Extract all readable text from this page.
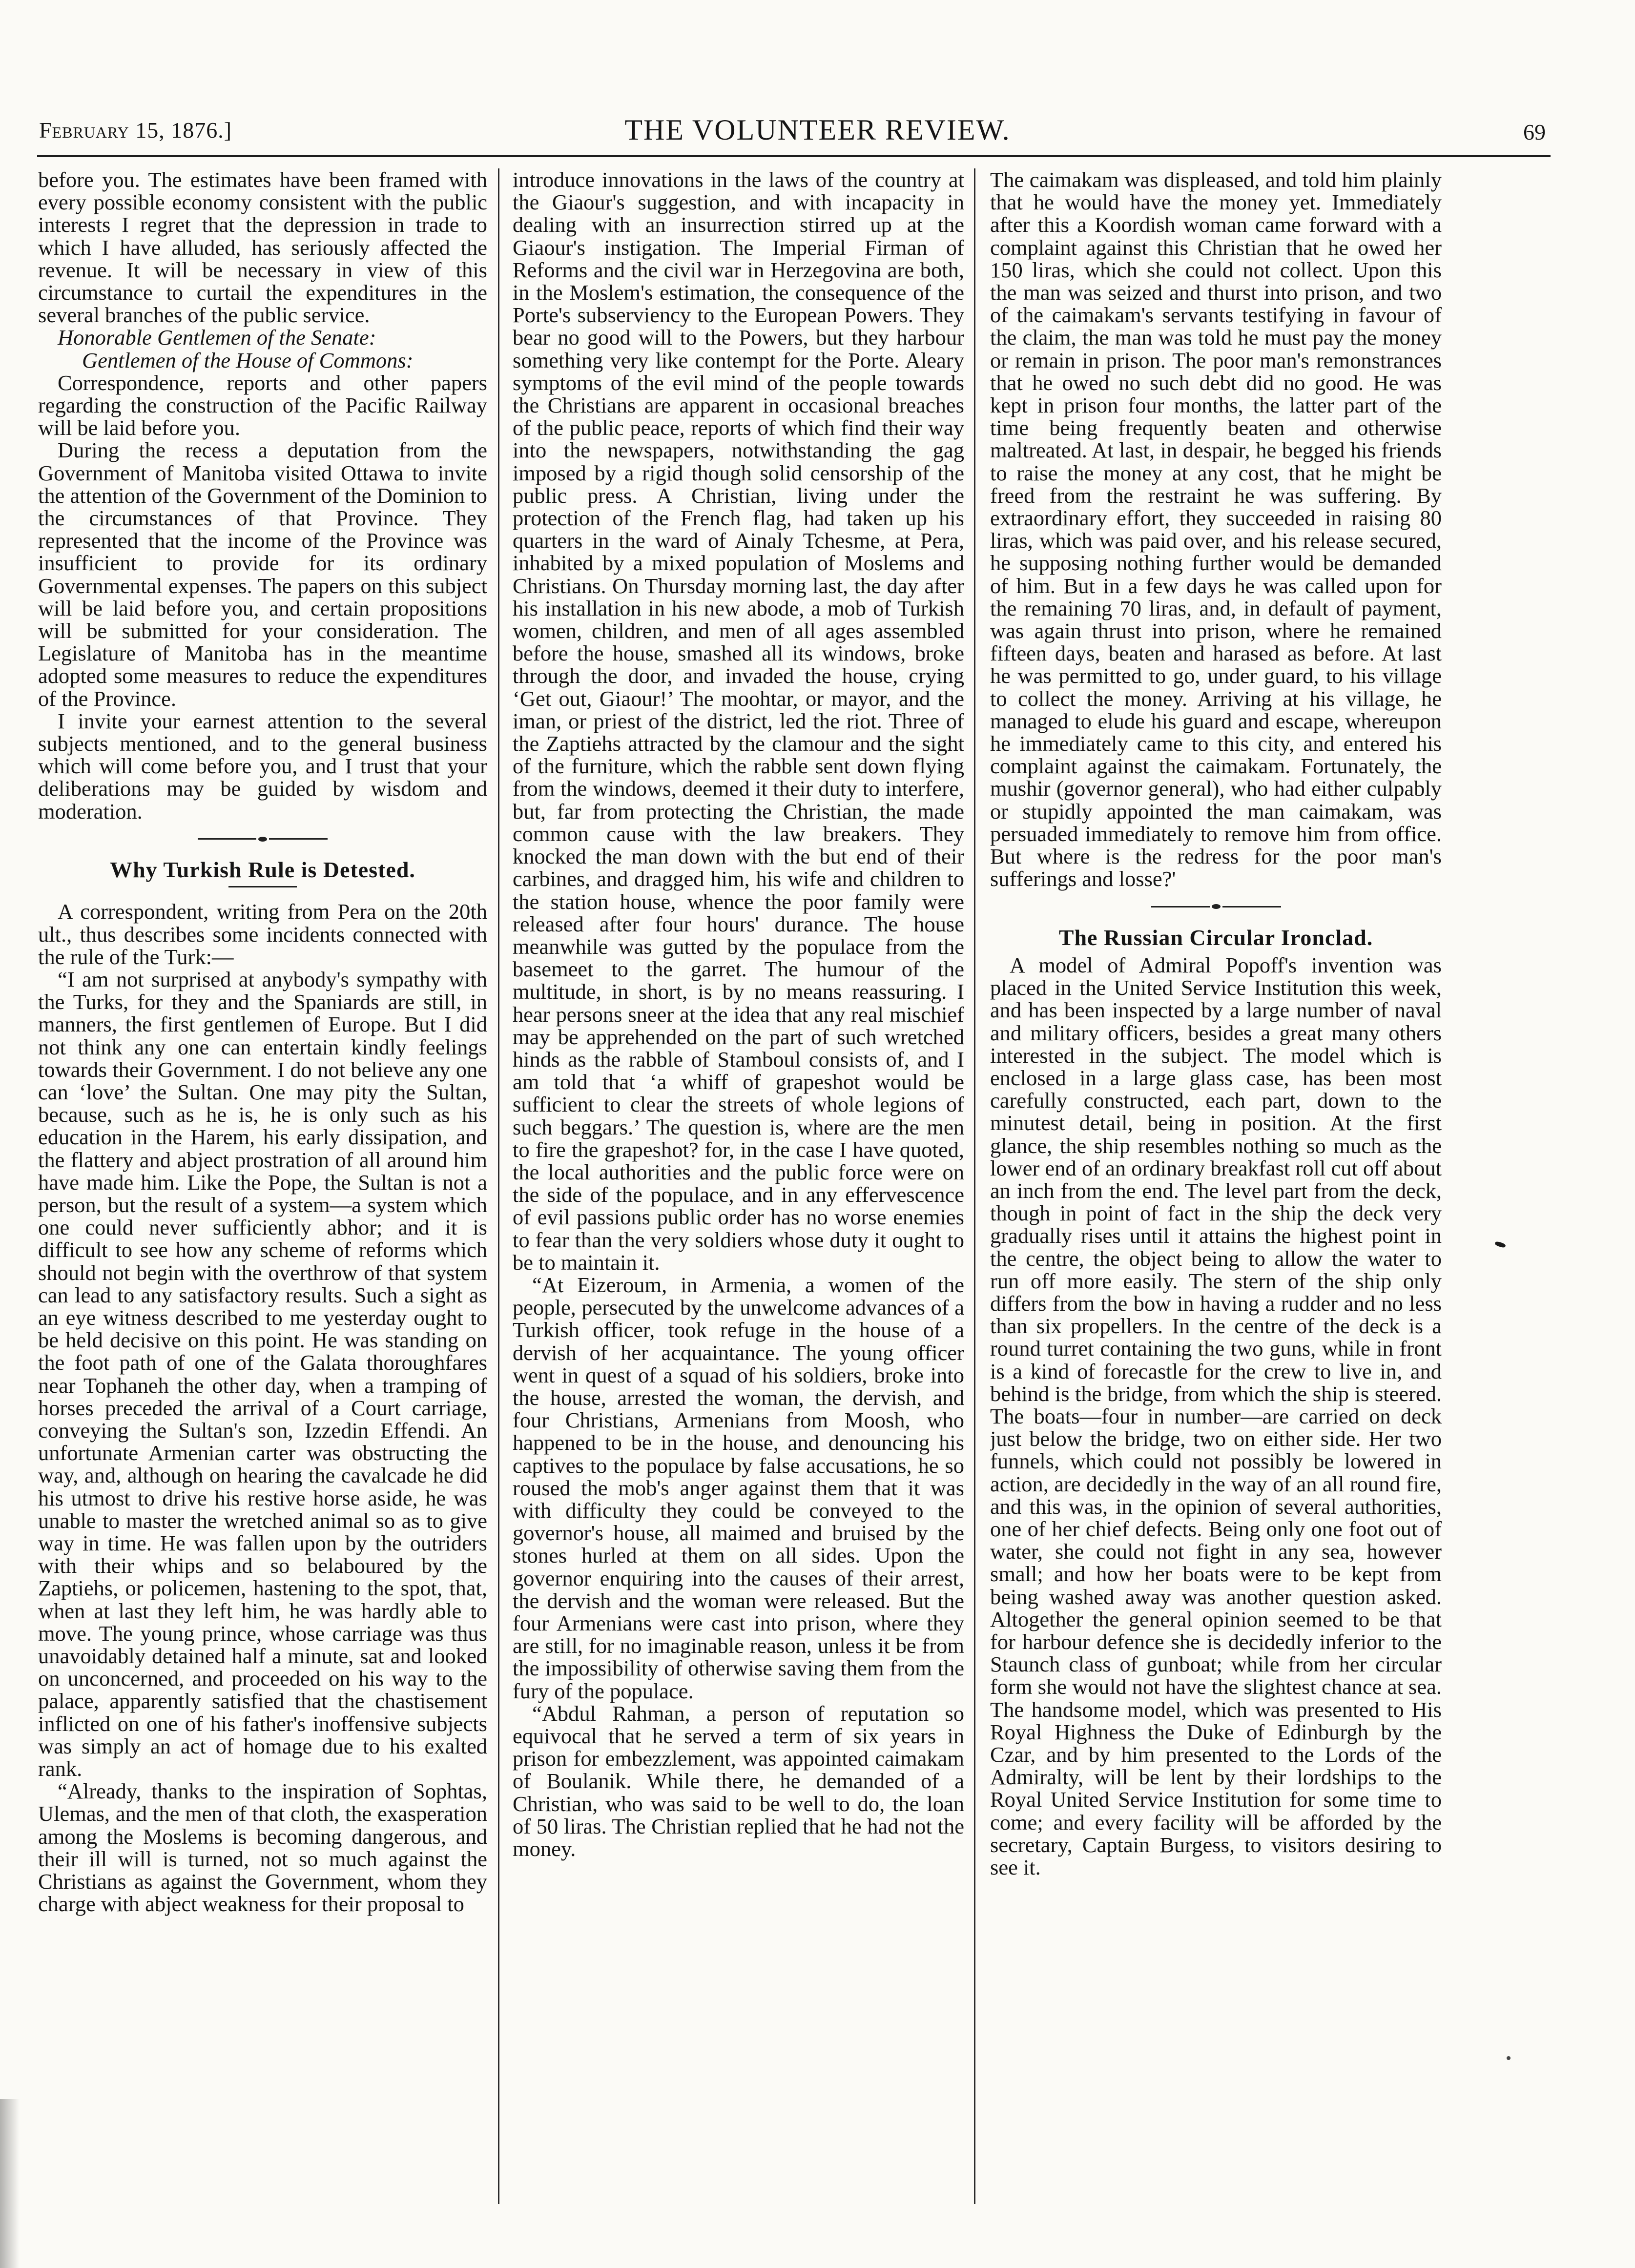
February 15, 1876.]	THE VOLUNTEER REVIEW.	69

before you. The estimates have been framed with every possible economy consistent with the public interests I regret that the depression in trade to which I have alluded, has seriously affected the revenue. It will be necessary in view of this circumstance to curtail the expenditures in the several branches of the public service.

Honorable Gentlemen of the Senate:

Gentlemen of the House of Commons:

Correspondence, reports and other papers regarding the construction of the Pacific Railway will be laid before you.

During the recess a deputation from the Government of Manitoba visited Ottawa to invite the attention of the Government of the Dominion to the circumstances of that Province. They represented that the income of the Province was insufficient to provide for its ordinary Governmental expenses. The papers on this subject will be laid before you, and certain propositions will be submitted for your consideration. The Legislature of Manitoba has in the meantime adopted some measures to reduce the expenditures of the Province.

I invite your earnest attention to the several subjects mentioned, and to the general business which will come before you, and I trust that your deliberations may be guided by wisdom and moderation.

Why Turkish Rule is Detested.

A correspondent, writing from Pera on the 20th ult., thus describes some incidents connected with the rule of the Turk:—

“I am not surprised at anybody's sympathy with the Turks, for they and the Spaniards are still, in manners, the first gentlemen of Europe. But I did not think any one can entertain kindly feelings towards their Government. I do not believe any one can ‘love’ the Sultan. One may pity the Sultan, because, such as he is, he is only such as his education in the Harem, his early dissipation, and the flattery and abject prostration of all around him have made him. Like the Pope, the Sultan is not a person, but the result of a system—a system which one could never sufficiently abhor; and it is difficult to see how any scheme of reforms which should not begin with the overthrow of that system can lead to any satisfactory results. Such a sight as an eye witness described to me yesterday ought to be held decisive on this point. He was standing on the foot path of one of the Galata thoroughfares near Tophaneh the other day, when a tramping of horses preceded the arrival of a Court carriage, conveying the Sultan's son, Izzedin Effendi. An unfortunate Armenian carter was obstructing the way, and, although on hearing the cavalcade he did his utmost to drive his restive horse aside, he was unable to master the wretched animal so as to give way in time. He was fallen upon by the outriders with their whips and so belaboured by the Zaptiehs, or policemen, hastening to the spot, that, when at last they left him, he was hardly able to move. The young prince, whose carriage was thus unavoidably detained half a minute, sat and looked on unconcerned, and proceeded on his way to the palace, apparently satisfied that the chastisement inflicted on one of his father's inoffensive subjects was simply an act of homage due to his exalted rank.

“Already, thanks to the inspiration of Sophtas, Ulemas, and the men of that cloth, the exasperation among the Moslems is becoming dangerous, and their ill will is turned, not so much against the Christians as against the Government, whom they charge with abject weakness for their proposal to

introduce innovations in the laws of the country at the Giaour's suggestion, and with incapacity in dealing with an insurrection stirred up at the Giaour's instigation. The Imperial Firman of Reforms and the civil war in Herzegovina are both, in the Moslem's estimation, the consequence of the Porte's subserviency to the European Powers. They bear no good will to the Powers, but they harbour something very like contempt for the Porte. Aleary symptoms of the evil mind of the people towards the Christians are apparent in occasional breaches of the public peace, reports of which find their way into the newspapers, notwithstanding the gag imposed by a rigid though solid censorship of the public press. A Christian, living under the protection of the French flag, had taken up his quarters in the ward of Ainaly Tchesme, at Pera, inhabited by a mixed population of Moslems and Christians. On Thursday morning last, the day after his installation in his new abode, a mob of Turkish women, children, and men of all ages assembled before the house, smashed all its windows, broke through the door, and invaded the house, crying ‘Get out, Giaour!’ The moohtar, or mayor, and the iman, or priest of the district, led the riot. Three of the Zaptiehs attracted by the clamour and the sight of the furniture, which the rabble sent down flying from the windows, deemed it their duty to interfere, but, far from protecting the Christian, the made common cause with the law breakers. They knocked the man down with the but end of their carbines, and dragged him, his wife and children to the station house, whence the poor family were released after four hours' durance. The house meanwhile was gutted by the populace from the basemeet to the garret. The humour of the multitude, in short, is by no means reassuring. I hear persons sneer at the idea that any real mischief may be apprehended on the part of such wretched hinds as the rabble of Stamboul consists of, and I am told that ‘a whiff of grapeshot would be sufficient to clear the streets of whole legions of such beggars.’ The question is, where are the men to fire the grapeshot? for, in the case I have quoted, the local authorities and the public force were on the side of the populace, and in any effervescence of evil passions public order has no worse enemies to fear than the very soldiers whose duty it ought to be to maintain it.

“At Eizeroum, in Armenia, a women of the people, persecuted by the unwelcome advances of a Turkish officer, took refuge in the house of a dervish of her acquaintance. The young officer went in quest of a squad of his soldiers, broke into the house, arrested the woman, the dervish, and four Christians, Armenians from Moosh, who happened to be in the house, and denouncing his captives to the populace by false accusations, he so roused the mob's anger against them that it was with difficulty they could be conveyed to the governor's house, all maimed and bruised by the stones hurled at them on all sides. Upon the governor enquiring into the causes of their arrest, the dervish and the woman were released. But the four Armenians were cast into prison, where they are still, for no imaginable reason, unless it be from the impossibility of otherwise saving them from the fury of the populace.

“Abdul Rahman, a person of reputation so equivocal that he served a term of six years in prison for embezzlement, was appointed caimakam of Boulanik. While there, he demanded of a Christian, who was said to be well to do, the loan of 50 liras. The Christian replied that he had not the money.

The caimakam was displeased, and told him plainly that he would have the money yet. Immediately after this a Koordish woman came forward with a complaint against this Christian that he owed her 150 liras, which she could not collect. Upon this the man was seized and thurst into prison, and two of the caimakam's servants testifying in favour of the claim, the man was told he must pay the money or remain in prison. The poor man's remonstrances that he owed no such debt did no good. He was kept in prison four months, the latter part of the time being frequently beaten and otherwise maltreated. At last, in despair, he begged his friends to raise the money at any cost, that he might be freed from the restraint he was suffering. By extraordinary effort, they succeeded in raising 80 liras, which was paid over, and his release secured, he supposing nothing further would be demanded of him. But in a few days he was called upon for the remaining 70 liras, and, in default of payment, was again thrust into prison, where he remained fifteen days, beaten and harased as before. At last he was permitted to go, under guard, to his village to collect the money. Arriving at his village, he managed to elude his guard and escape, whereupon he immediately came to this city, and entered his complaint against the caimakam. Fortunately, the mushir (governor general), who had either culpably or stupidly appointed the man caimakam, was persuaded immediately to remove him from office. But where is the redress for the poor man's sufferings and losse?'

The Russian Circular Ironclad.

A model of Admiral Popoff's invention was placed in the United Service Institution this week, and has been inspected by a large number of naval and military officers, besides a great many others interested in the subject. The model which is enclosed in a large glass case, has been most carefully constructed, each part, down to the minutest detail, being in position. At the first glance, the ship resembles nothing so much as the lower end of an ordinary breakfast roll cut off about an inch from the end. The level part from the deck, though in point of fact in the ship the deck very gradually rises until it attains the highest point in the centre, the object being to allow the water to run off more easily. The stern of the ship only differs from the bow in having a rudder and no less than six propellers. In the centre of the deck is a round turret containing the two guns, while in front is a kind of forecastle for the crew to live in, and behind is the bridge, from which the ship is steered. The boats—four in number—are carried on deck just below the bridge, two on either side. Her two funnels, which could not possibly be lowered in action, are decidedly in the way of an all round fire, and this was, in the opinion of several authorities, one of her chief defects. Being only one foot out of water, she could not fight in any sea, however small; and how her boats were to be kept from being washed away was another question asked. Altogether the general opinion seemed to be that for harbour defence she is decidedly inferior to the Staunch class of gunboat; while from her circular form she would not have the slightest chance at sea. The handsome model, which was presented to His Royal Highness the Duke of Edinburgh by the Czar, and by him presented to the Lords of the Admiralty, will be lent by their lordships to the Royal United Service Institution for some time to come; and every facility will be afforded by the secretary, Captain Burgess, to visitors desiring to see it.
